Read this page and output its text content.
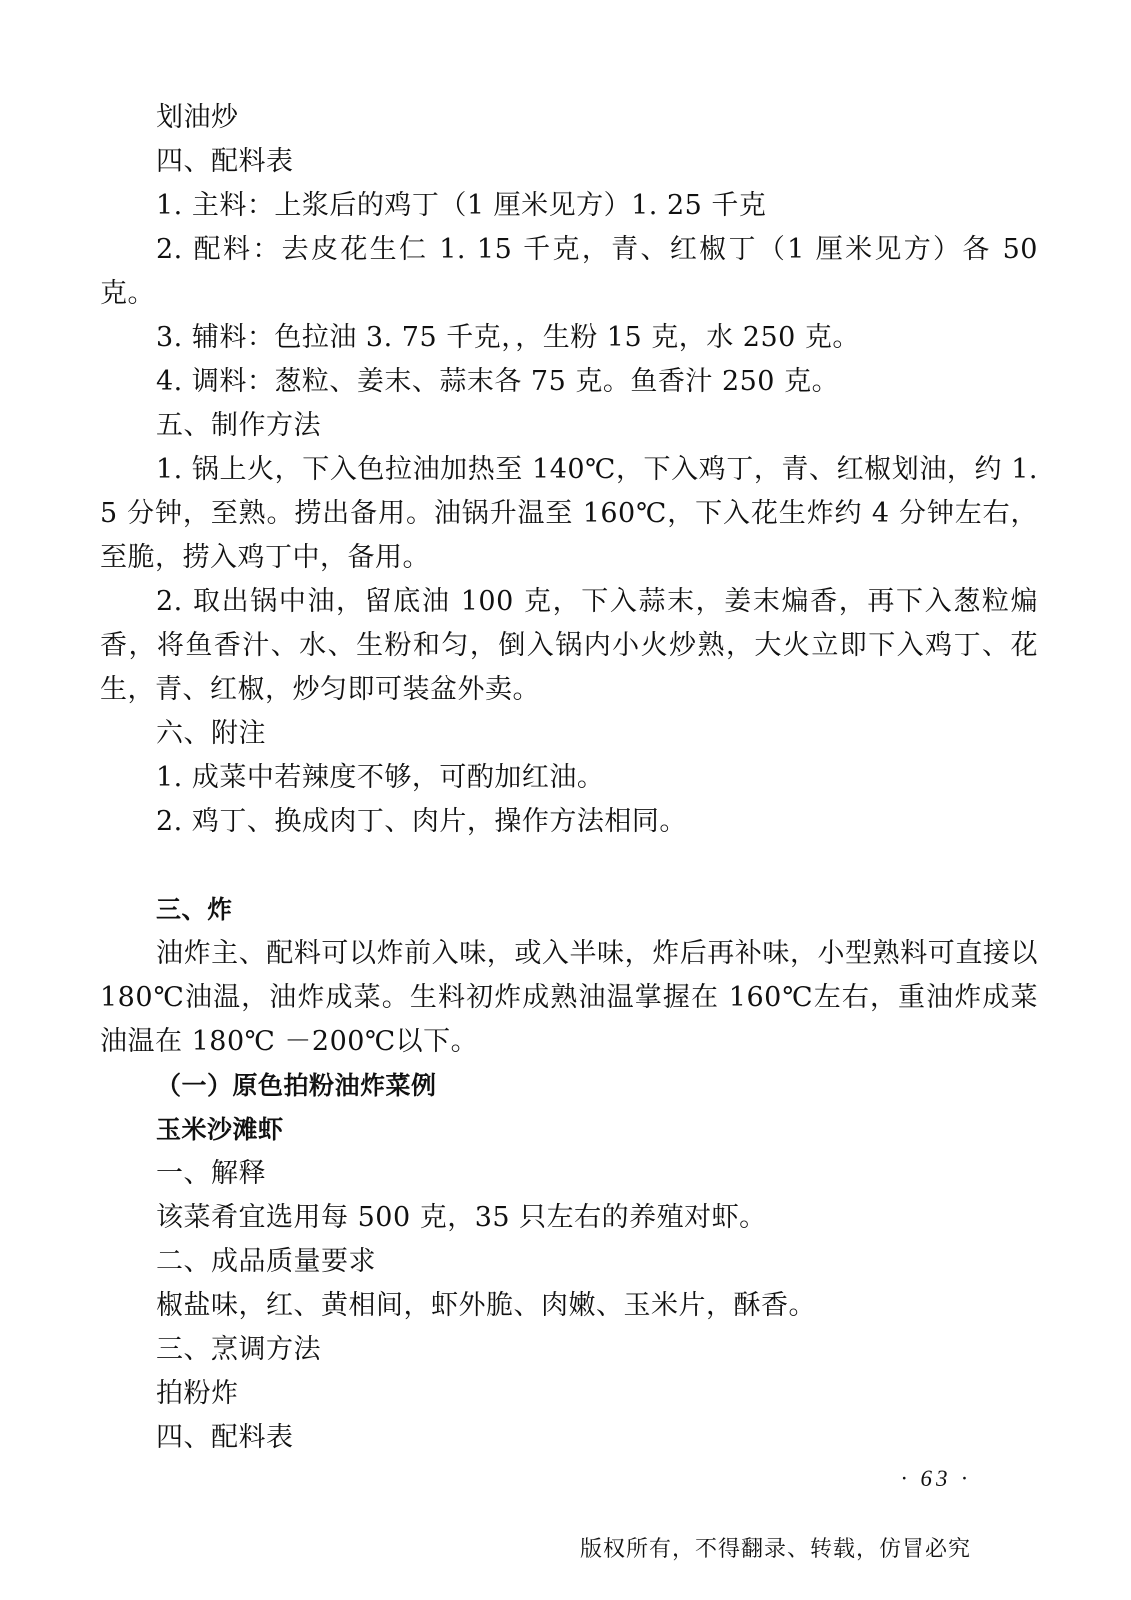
划油炒
四、配料表
1. 主料：上浆后的鸡丁（1 厘米见方）1. 25 千克
2. 配料：去皮花生仁 1. 15 千克，青、红椒丁（1 厘米见方）各 50 克。
3. 辅料：色拉油 3. 75 千克，，生粉 15 克，水 250 克。
4. 调料：葱粒、姜末、蒜末各 75 克。鱼香汁 250 克。
五、制作方法
1. 锅上火，下入色拉油加热至 140℃，下入鸡丁，青、红椒划油，约 1. 5 分钟，至熟。捞出备用。油锅升温至 160℃，下入花生炸约 4 分钟左右，至脆，捞入鸡丁中，备用。
2. 取出锅中油，留底油 100 克，下入蒜末，姜末煸香，再下入葱粒煸香，将鱼香汁、水、生粉和匀，倒入锅内小火炒熟，大火立即下入鸡丁、花生，青、红椒，炒匀即可装盆外卖。
六、附注
1. 成菜中若辣度不够，可酌加红油。
2. 鸡丁、换成肉丁、肉片，操作方法相同。
三、炸
油炸主、配料可以炸前入味，或入半味，炸后再补味，小型熟料可直接以 180℃油温，油炸成菜。生料初炸成熟油温掌握在 160℃左右，重油炸成菜油温在 180℃ －200℃以下。
（一）原色拍粉油炸菜例
玉米沙滩虾
一、解释
该菜肴宜选用每 500 克，35 只左右的养殖对虾。
二、成品质量要求
椒盐味，红、黄相间，虾外脆、肉嫩、玉米片，酥香。
三、烹调方法
拍粉炸
四、配料表
· 63 ·
版权所有，不得翻录、转载，仿冒必究
